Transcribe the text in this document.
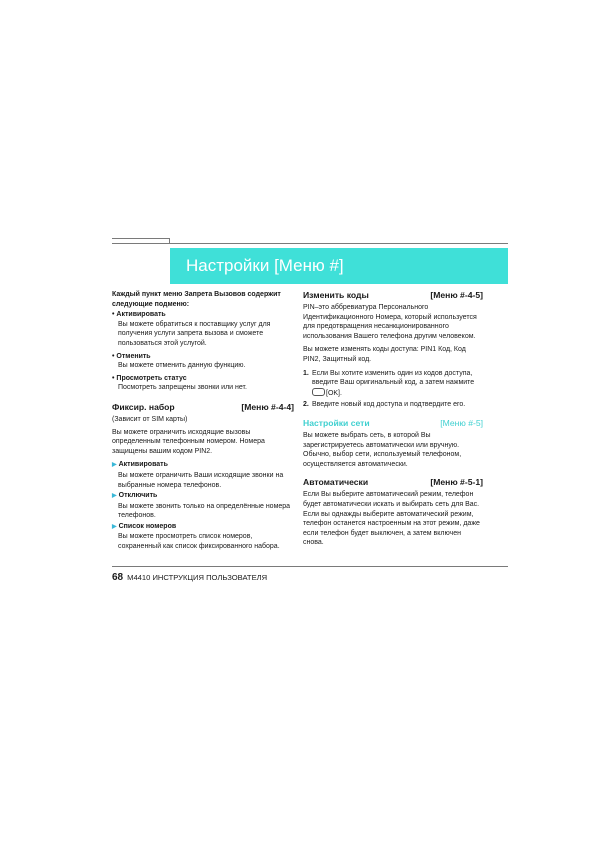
Настройки [Меню #]

Каждый пункт меню Запрета Вызовов содержит следующие подменю:

• Активировать

Вы можете обратиться к поставщику услуг для получения услуги запрета вызова и сможете пользоваться этой услугой.

• Отменить

Вы можете отменить данную функцию.

• Просмотреть статус

Посмотреть запрещены звонки или нет.

Фиксир. набор	[Меню #-4-4]

(Зависит от SIM карты)

Вы можете ограничить исходящие вызовы определенным телефонным номером. Номера защищены вашим кодом PIN2.

▶ Активировать

Вы можете ограничить Ваши исходящие звонки на выбранные номера телефонов.

▶ Отключить

Вы можете звонить только на определённые номера телефонов.

▶ Список номеров

Вы можете просмотреть список номеров, сохраненный как список фиксированного набора.

Изменить коды	[Меню #-4-5]

PIN–это аббревиатура Персонального Идентификационного Номера, который используется для предотвращения несанкционированного использования Вашего телефона другим человеком.

Вы можете изменять коды доступа: PIN1 Код, Код PIN2, Защитный код.

1. Если Вы хотите изменить один из кодов доступа, введите Ваш оригинальный код, а затем нажмите [OK].
2. Введите новый код доступа и подтвердите его.
Настройки сети	[Меню #-5]

Вы можете выбрать сеть, в которой Вы зарегистрируетесь автоматически или вручную. Обычно, выбор сети, используемый телефоном, осуществляется автоматически.

Автоматически	[Меню #-5-1]

Если Вы выберите автоматический режим, телефон будет автоматически искать и выбирать сеть для Вас. Если вы однажды выберите автоматический режим, телефон останется настроенным на этот режим, даже если телефон будет выключен, а затем включен снова.

68 M4410 ИНСТРУКЦИЯ ПОЛЬЗОВАТЕЛЯ
